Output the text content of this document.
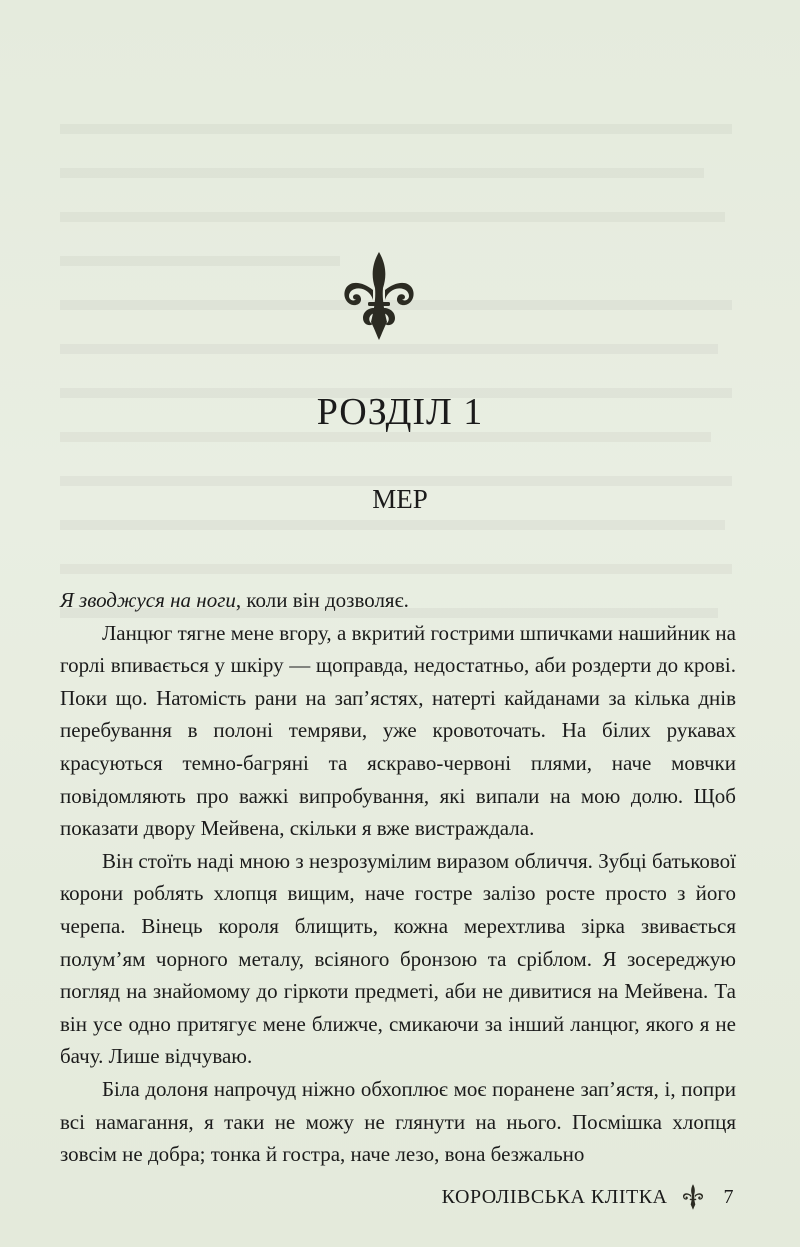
РОЗДІЛ 1
МЕР

Я зводжуся на ноги, коли він дозволяє.

Ланцюг тягне мене вгору, а вкритий гострими шпичками нашийник на горлі впивається у шкіру — щоправда, недостатньо, аби роздерти до крові. Поки що. Натомість рани на зап’ястях, натерті кайданами за кілька днів перебування в полоні темряви, уже кровоточать. На білих рукавах красуються темно-багряні та яскраво-червоні плями, наче мовчки повідомляють про важкі випробування, які випали на мою долю. Щоб показати двору Мейвена, скільки я вже вистраждала.

Він стоїть наді мною з незрозумілим виразом обличчя. Зубці батькової корони роблять хлопця вищим, наче гостре залізо росте просто з його черепа. Вінець короля блищить, кожна мерехтлива зірка звивається полум’ям чорного металу, всіяного бронзою та сріблом. Я зосереджую погляд на знайомому до гіркоти предметі, аби не дивитися на Мейвена. Та він усе одно притягує мене ближче, смикаючи за інший ланцюг, якого я не бачу. Лише відчуваю.

Біла долоня напрочуд ніжно обхоплює моє поранене зап’ястя, і, попри всі намагання, я таки не можу не глянути на нього. Посмішка хлопця зовсім не добра; тонка й гостра, наче лезо, вона безжально

КОРОЛІВСЬКА КЛІТКА	7
